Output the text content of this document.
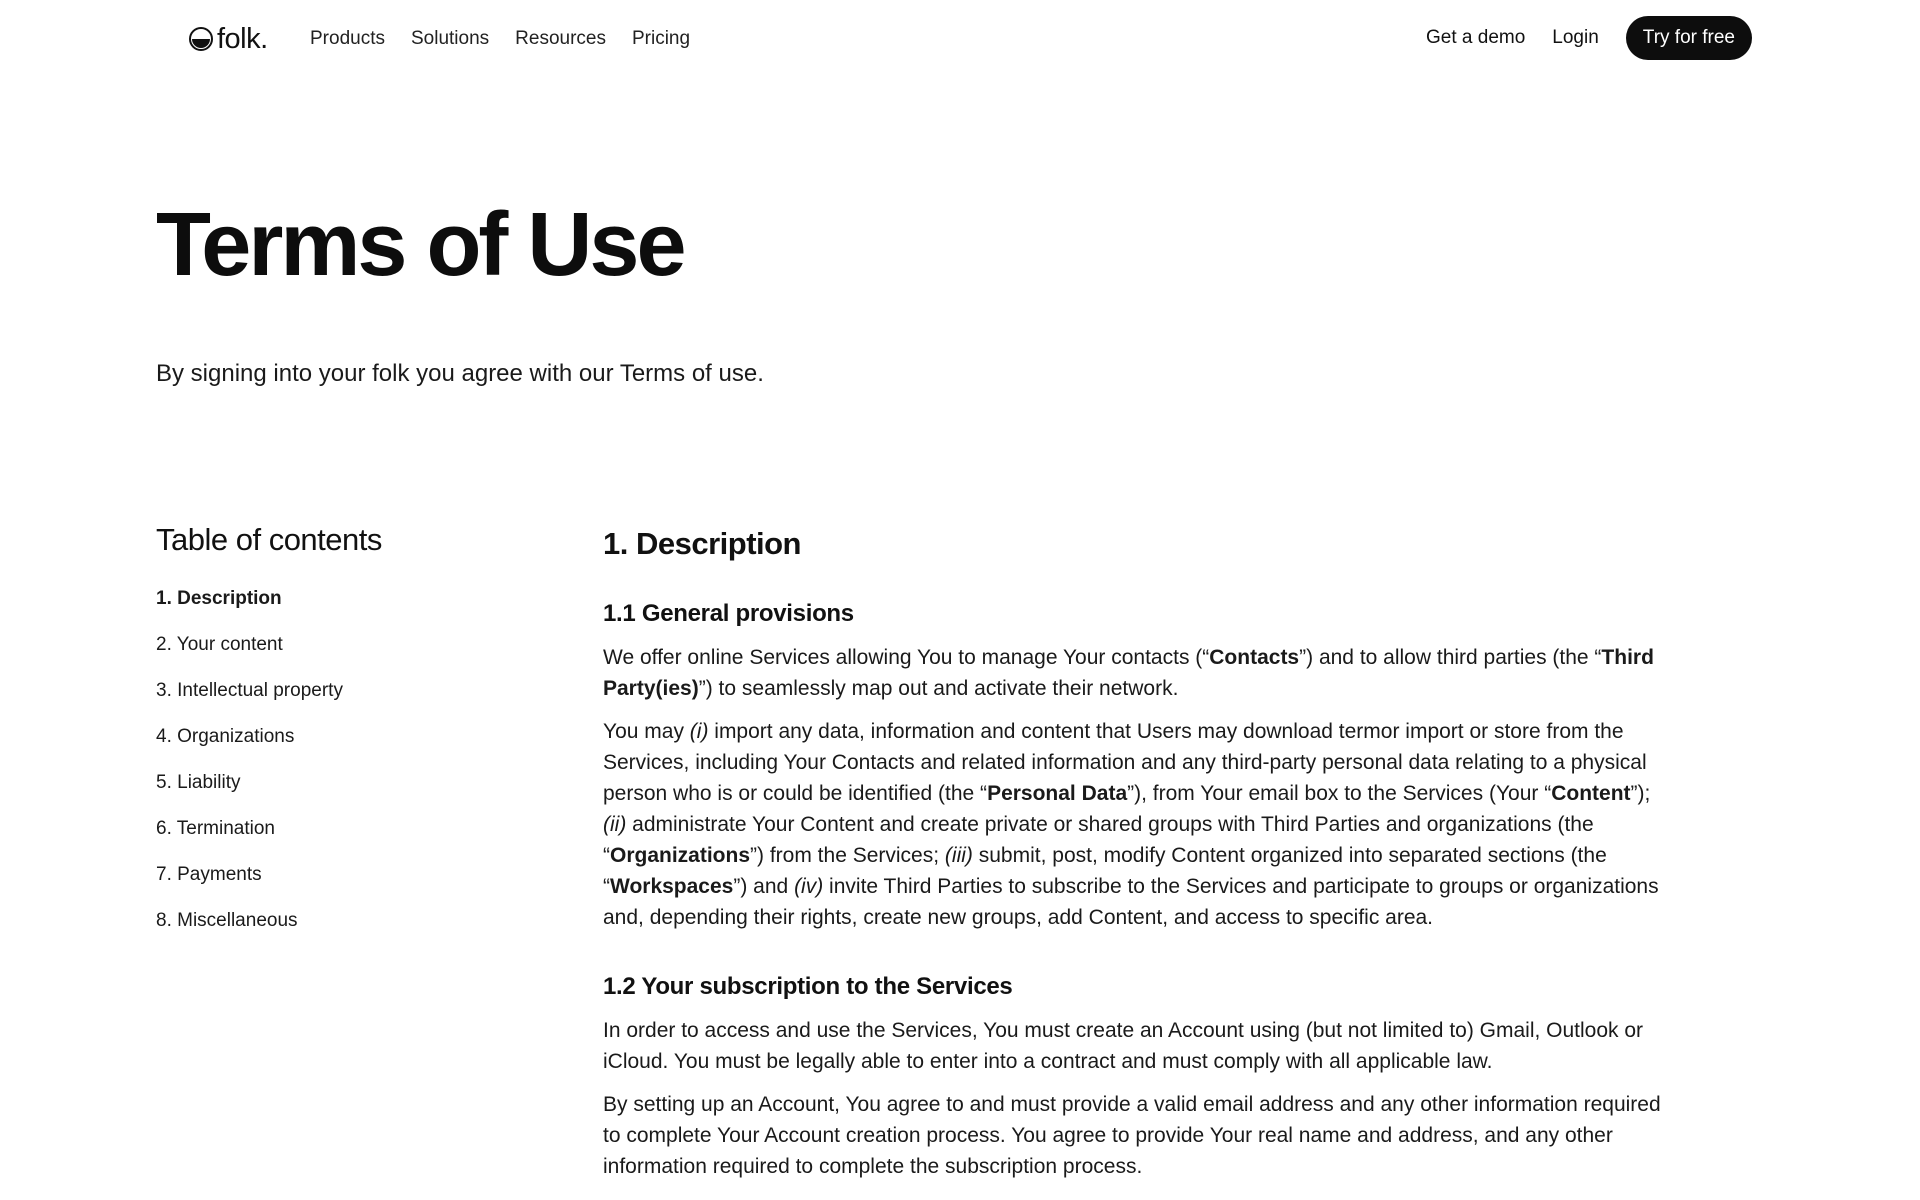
folk. Products Solutions Resources Pricing	Get a demo Login	Try for free
Terms of Use

By signing into your folk you agree with our Terms of use.

Table of contents
1. Description
2. Your content
3. Intellectual property
4. Organizations
5. Liability
6. Termination
7. Payments
8. Miscellaneous
1. Description
1.1 General provisions

We offer online Services allowing You to manage Your contacts (“Contacts”) and to allow third parties (the “Third Party(ies)”) to seamlessly map out and activate their network.

You may (i) import any data, information and content that Users may download termor import or store from the Services, including Your Contacts and related information and any third-party personal data relating to a physical person who is or could be identified (the “Personal Data”), from Your email box to the Services (Your “Content”); (ii) administrate Your Content and create private or shared groups with Third Parties and organizations (the “Organizations”) from the Services; (iii) submit, post, modify Content organized into separated sections (the “Workspaces”) and (iv) invite Third Parties to subscribe to the Services and participate to groups or organizations and, depending their rights, create new groups, add Content, and access to specific area.

1.2 Your subscription to the Services

In order to access and use the Services, You must create an Account using (but not limited to) Gmail, Outlook or iCloud. You must be legally able to enter into a contract and must comply with all applicable law.

By setting up an Account, You agree to and must provide a valid email address and any other information required to complete Your Account creation process. You agree to provide Your real name and address, and any other information required to complete the subscription process.
